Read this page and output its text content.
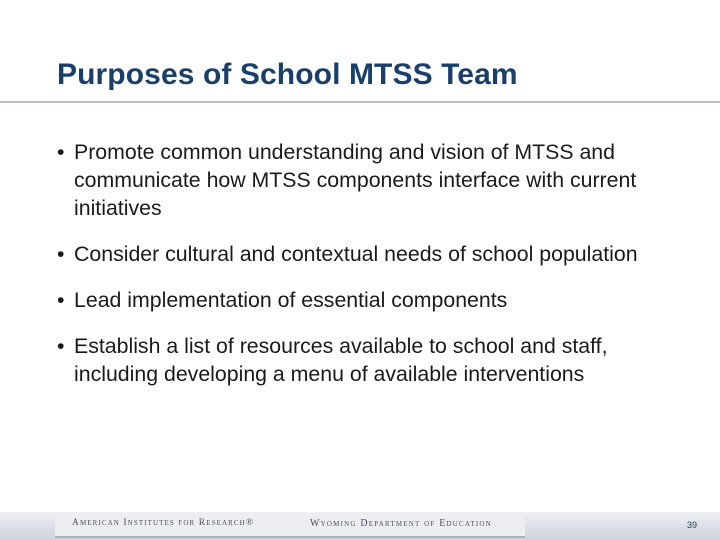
Purposes of School MTSS Team
• Promote common understanding and vision of MTSS and communicate how MTSS components interface with current initiatives
• Consider cultural and contextual needs of school population
• Lead implementation of essential components
• Establish a list of resources available to school and staff, including developing a menu of available interventions
American Institutes for Research®	Wyoming Department of Education	39
